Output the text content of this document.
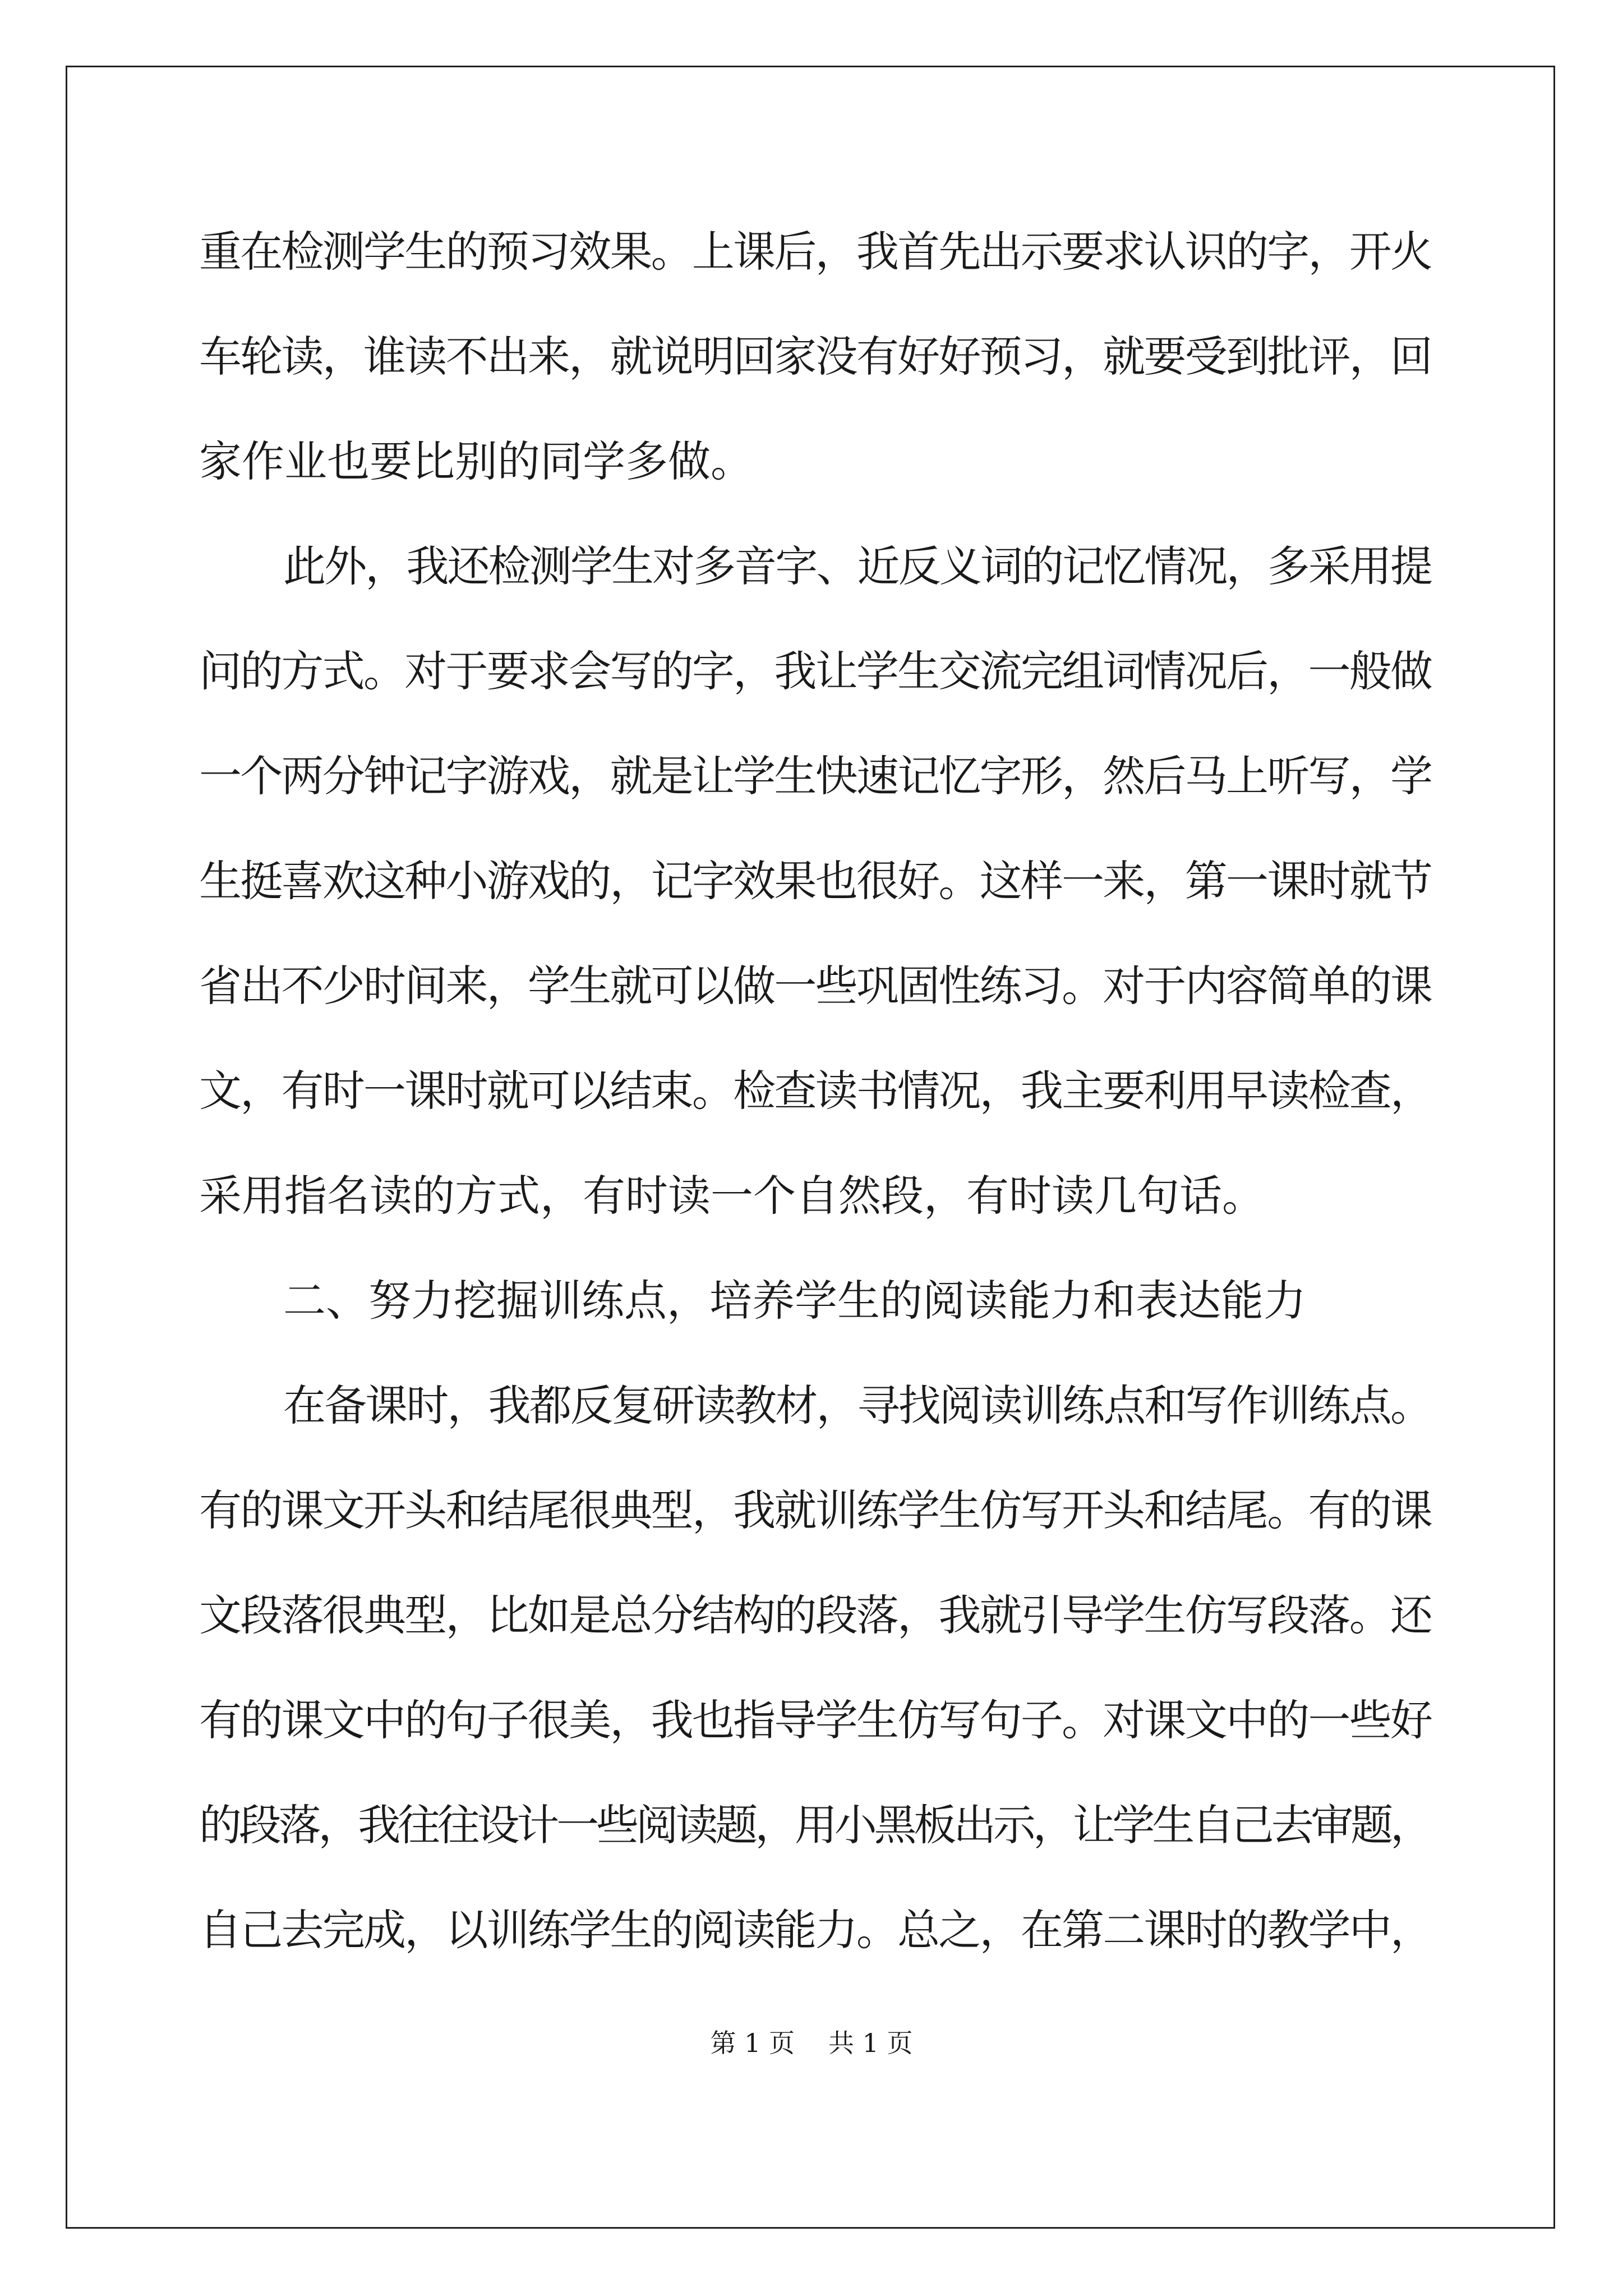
重在检测学生的预习效果。上课后，我首先出示要求认识的字，开火
车轮读，谁读不出来，就说明回家没有好好预习，就要受到批评，回
家作业也要比别的同学多做。
此外，我还检测学生对多音字、近反义词的记忆情况，多采用提
问的方式。对于要求会写的字，我让学生交流完组词情况后，一般做
一个两分钟记字游戏，就是让学生快速记忆字形，然后马上听写，学
生挺喜欢这种小游戏的，记字效果也很好。这样一来，第一课时就节
省出不少时间来，学生就可以做一些巩固性练习。对于内容简单的课
文，有时一课时就可以结束。检查读书情况，我主要利用早读检查，
采用指名读的方式，有时读一个自然段，有时读几句话。
二、努力挖掘训练点，培养学生的阅读能力和表达能力
在备课时，我都反复研读教材，寻找阅读训练点和写作训练点。
有的课文开头和结尾很典型，我就训练学生仿写开头和结尾。有的课
文段落很典型，比如是总分结构的段落，我就引导学生仿写段落。还
有的课文中的句子很美，我也指导学生仿写句子。对课文中的一些好
的段落，我往往设计一些阅读题，用小黑板出示，让学生自己去审题，
自己去完成，以训练学生的阅读能力。总之，在第二课时的教学中，
第 1 页 共 1 页
